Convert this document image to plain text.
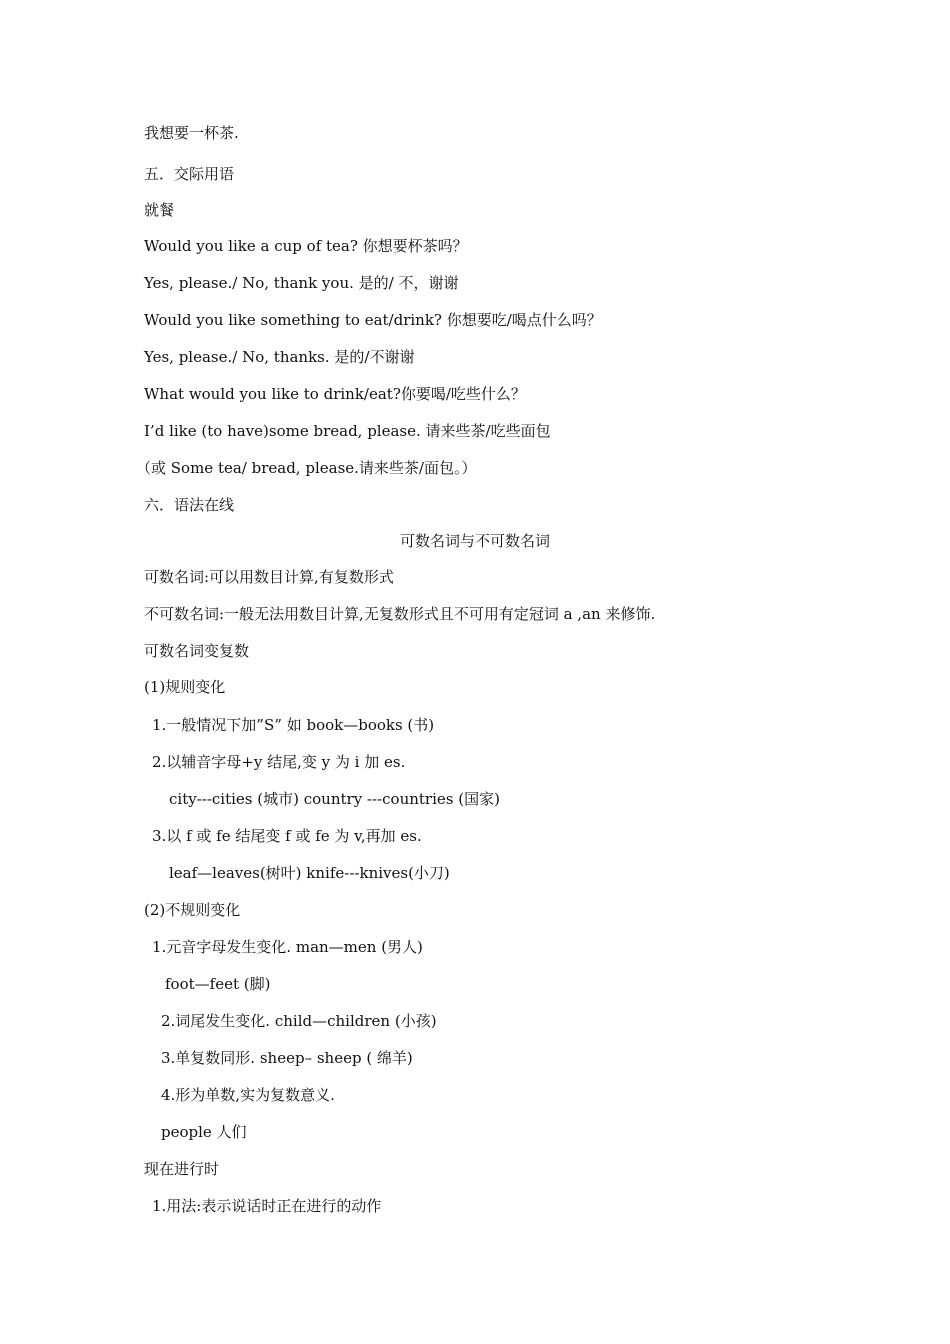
我想要一杯茶.
五．交际用语
就餐
Would you like a cup of tea? 你想要杯茶吗？
Yes, please./ No, thank you. 是的/ 不，谢谢
Would you like something to eat/drink? 你想要吃/喝点什么吗？
Yes, please./ No, thanks. 是的/不谢谢
What would you like to drink/eat?你要喝/吃些什么？
I’d like (to have)some bread, please. 请来些茶/吃些面包
（或 Some tea/ bread, please.请来些茶/面包。）
六．语法在线
可数名词与不可数名词
可数名词:可以用数目计算,有复数形式
不可数名词:一般无法用数目计算,无复数形式且不可用有定冠词 a ,an 来修饰.
可数名词变复数
(1)规则变化
1.一般情况下加”S” 如 book—books (书)
2.以辅音字母+y 结尾,变 y 为 i 加 es.
city---cities (城市) country ---countries (国家)
3.以 f 或 fe 结尾变 f 或 fe 为 v,再加 es.
leaf—leaves(树叶) knife---knives(小刀)
(2)不规则变化
1.元音字母发生变化. man—men (男人)
foot—feet (脚)
2.词尾发生变化. child—children (小孩)
3.单复数同形. sheep– sheep ( 绵羊)
4.形为单数,实为复数意义.
people 人们
现在进行时
1.用法:表示说话时正在进行的动作
